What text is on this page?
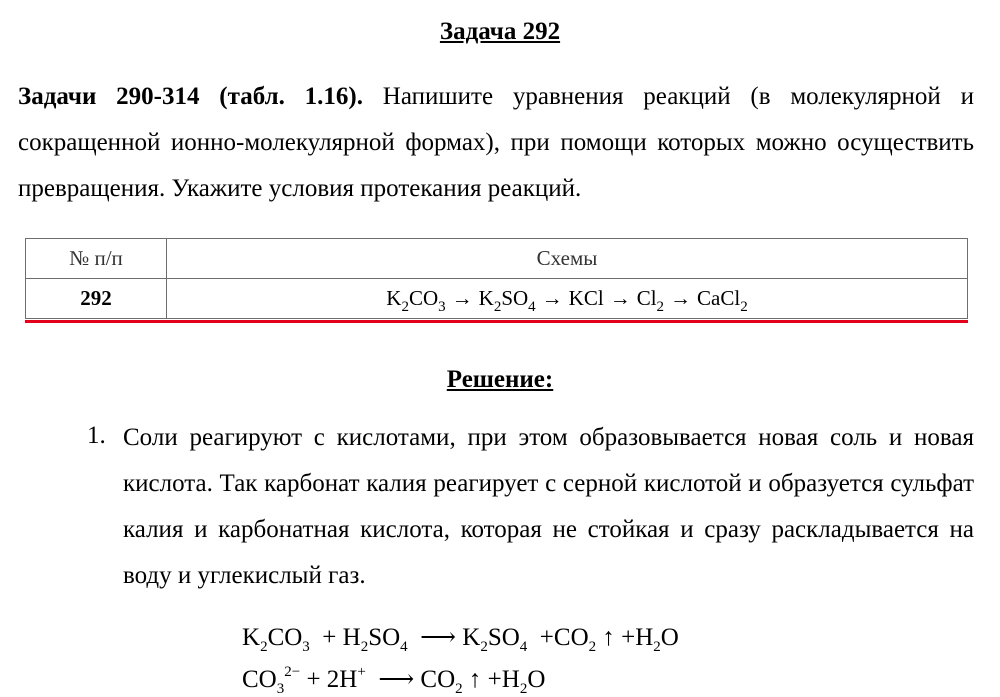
Задача 292
Задачи 290-314 (табл. 1.16). Напишите уравнения реакций (в молекулярной и сокращенной ионно-молекулярной формах), при помощи которых можно осуществить превращения. Укажите условия протекания реакций.
№ п/п	Схемы
292	$K_2CO_3 \to K_2SO_4$ → KCl → $Cl_2$ → CaCl$_2$
Решение:
1. Соли реагируют с кислотами, при этом образовывается новая соль и новая кислота. Так карбонат калия реагирует с серной кислотой и образуется сульфат калия и карбонатная кислота, которая не стойкая и сразу раскладывается на воду и углекислый газ.
$K_2CO_3 + H_2SO_4$  ⟶ $K_2SO_4 +CO_2$ ↑ $+H_2O$
$CO_3^{2-} + 2H^+$  ⟶ $CO_2$ ↑ $+H_2O$
